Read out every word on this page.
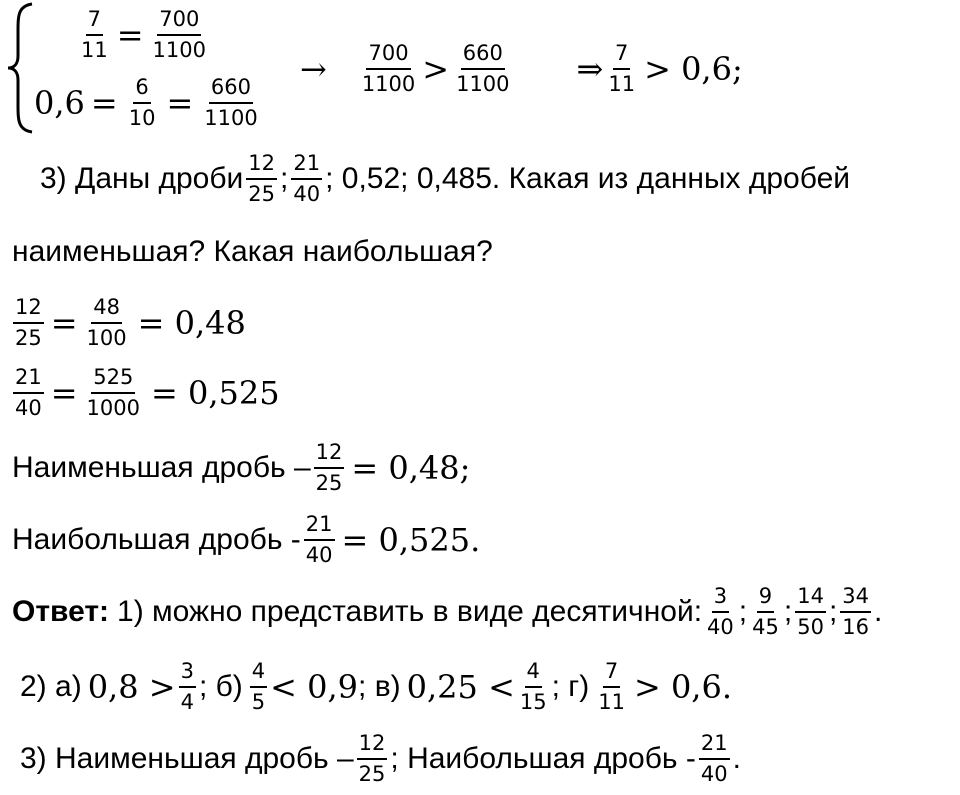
$\frac{7}{11} = \frac{700}{1100}$
$0,6 = \frac{6}{10} = \frac{660}{1100}$
→ $\frac{700}{1100} > \frac{660}{1100}$ ⇒ $\frac{7}{11} > 0,6$;
3) Даны дроби $\frac{12}{25}$ ; $\frac{21}{40}$ ; 0,52; 0,485. Какая из данных дробей
наименьшая? Какая наибольшая?
$\frac{12}{25} = \frac{48}{100} = 0,48$
$\frac{21}{40} = \frac{525}{1000} = 0,525$
Наименьшая дробь – $\frac{12}{25} = 0,48$;
Наибольшая дробь - $\frac{21}{40} = 0,525$.
Ответ: 1) можно представить в виде десятичной: $\frac{3}{40}$ ; $\frac{9}{45}$ ; $\frac{14}{50}$ ; $\frac{34}{16}$ .
2) а) $0,8 > \frac{3}{4}$ ; $б) \frac{4}{5} < 0,9$ ; в) $0,25 < \frac{4}{15}$ ; $г) \frac{7}{11} > 0,6$.
3) Наименьшая дробь – $\frac{12}{25}$ ; Наибольшая дробь - $\frac{21}{40}$ .
